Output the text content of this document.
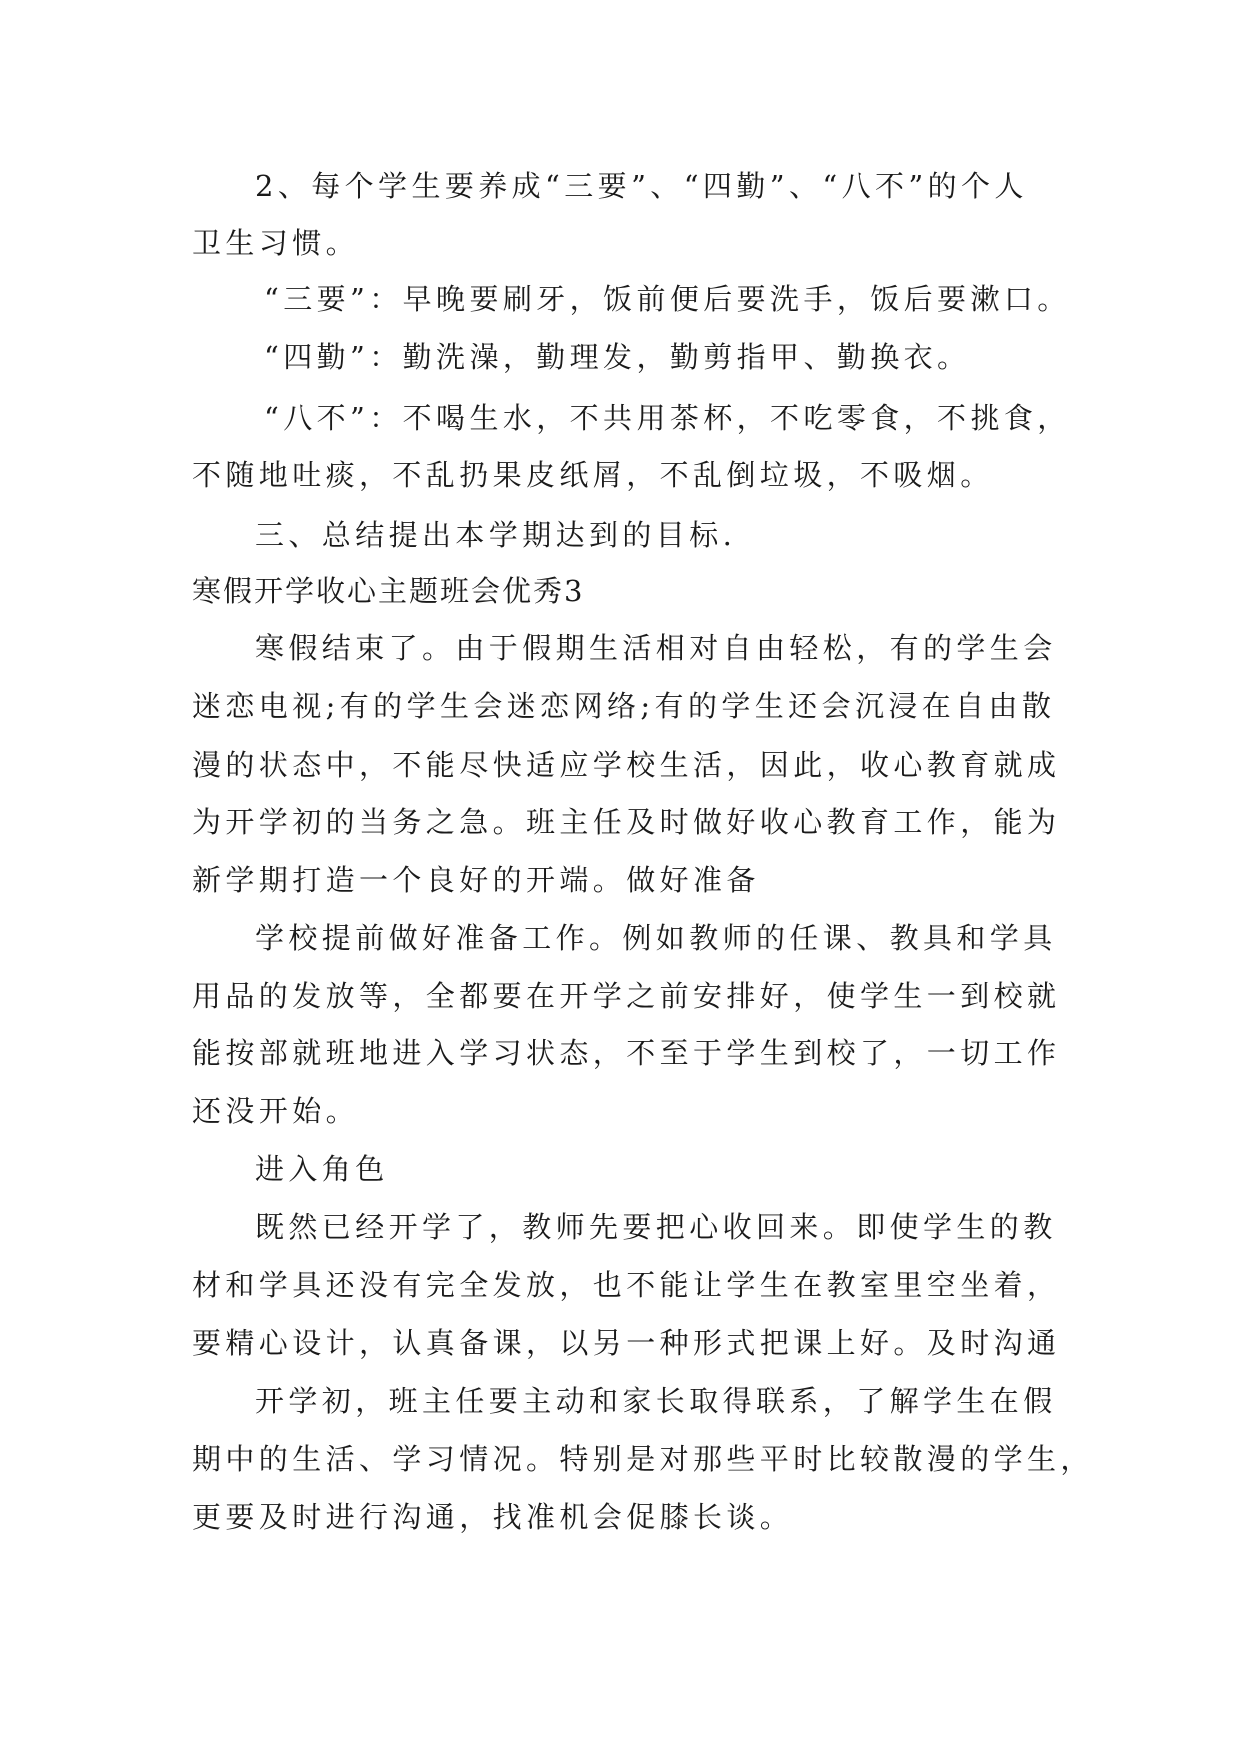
2、每个学生要养成“三要”、“四勤”、“八不”的个人
卫生习惯。
“三要”：早晚要刷牙，饭前便后要洗手，饭后要漱口。
“四勤”：勤洗澡，勤理发，勤剪指甲、勤换衣。
“八不”：不喝生水，不共用茶杯，不吃零食，不挑食，
不随地吐痰，不乱扔果皮纸屑，不乱倒垃圾，不吸烟。
三、总结提出本学期达到的目标.
寒假开学收心主题班会优秀3
寒假结束了。由于假期生活相对自由轻松，有的学生会
迷恋电视;有的学生会迷恋网络;有的学生还会沉浸在自由散
漫的状态中，不能尽快适应学校生活，因此，收心教育就成
为开学初的当务之急。班主任及时做好收心教育工作，能为
新学期打造一个良好的开端。做好准备
学校提前做好准备工作。例如教师的任课、教具和学具
用品的发放等，全都要在开学之前安排好，使学生一到校就
能按部就班地进入学习状态，不至于学生到校了，一切工作
还没开始。
进入角色
既然已经开学了，教师先要把心收回来。即使学生的教
材和学具还没有完全发放，也不能让学生在教室里空坐着，
要精心设计，认真备课，以另一种形式把课上好。及时沟通
开学初，班主任要主动和家长取得联系，了解学生在假
期中的生活、学习情况。特别是对那些平时比较散漫的学生，
更要及时进行沟通，找准机会促膝长谈。
